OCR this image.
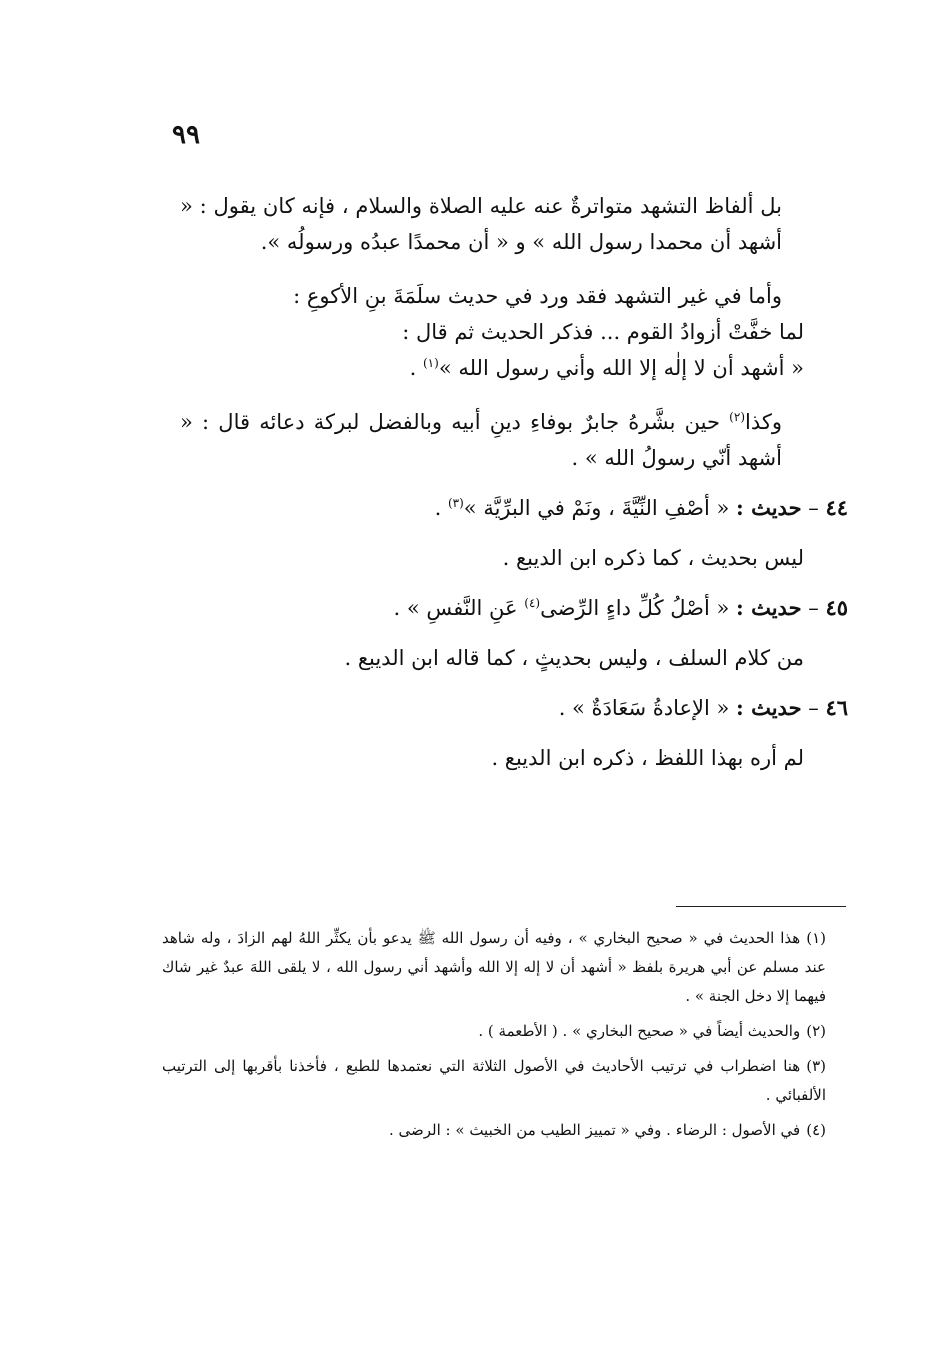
٩٩

بل ألفاظ التشهد متواترةٌ عنه عليه الصلاة والسلام ، فإنه كان يقول : « أشهد أن محمدا رسول الله » و « أن محمدًا عبدُه ورسولُه ».

وأما في غير التشهد فقد ورد في حديث سلَمَةَ بنِ الأكوعِ :

لما خفَّتْ أزوادُ القوم ... فذكر الحديث ثم قال :

« أشهد أن لا إلٰه إلا الله وأني رسول الله »$^{(١)}$ .

وكذا$^{(٢)}$ حين بشَّرهُ جابرٌ بوفاءِ دينِ أبيه وبالفضل لبركة دعائه قال : « أشهد أنّي رسولُ الله » .

٤٤ – حديث : « أصْفِ النِّيَّةَ ، ونَمْ في البرِّيَّة »$^{(٣)}$ .

ليس بحديث ، كما ذكره ابن الديبع .

٤٥ – حديث : « أصْلُ كُلِّ داءٍ الرِّضى$^{(٤)}$ عَنِ النَّفسِ » .

من كلام السلف ، وليس بحديثٍ ، كما قاله ابن الديبع .

٤٦ – حديث : « الإعادةُ سَعَادَةٌ » .

لم أره بهذا اللفظ ، ذكره ابن الديبع .

(١)هذا الحديث في « صحيح البخاري » ، وفيه أن رسول الله ﷺ يدعو بأن يكثِّر اللهُ لهم الزادَ ، وله شاهد عند مسلم عن أبي هريرة بلفظ « أشهد أن لا إله إلا الله وأشهد أني رسول الله ، لا يلقى اللهَ عبدٌ غير شاك فيهما إلا دخل الجنة » .

(٢)والحديث أيضاً في « صحيح البخاري » . ( الأطعمة ) .

(٣)هنا اضطراب في ترتيب الأحاديث في الأصول الثلاثة التي نعتمدها للطبع ، فأخذنا بأقربها إلى الترتيب الألفبائي .

(٤)في الأصول : الرضاء . وفي « تمييز الطيب من الخبيث » : الرضى .
